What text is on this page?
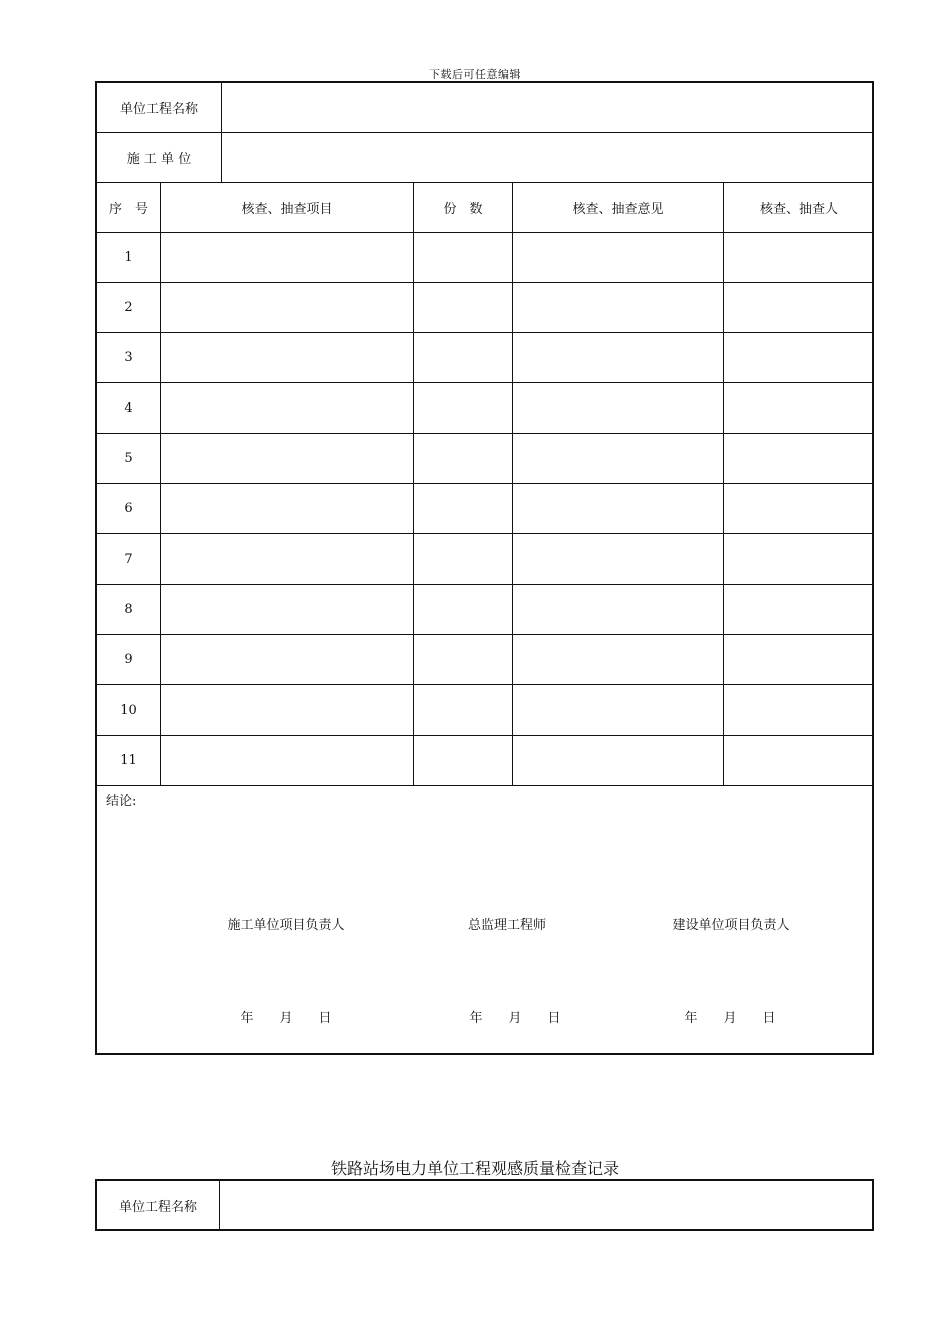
下载后可任意编辑
单位工程名称
施 工 单 位
序　号	核查、抽查项目	份　数	核查、抽查意见	核查、抽查人
1
2
3
4
5
6
7
8
9
10
11
结论:
施工单位项目负责人	总监理工程师	建设单位项目负责人
年　　月　　日	年　　月　　日	年　　月　　日
铁路站场电力单位工程观感质量检查记录
单位工程名称
